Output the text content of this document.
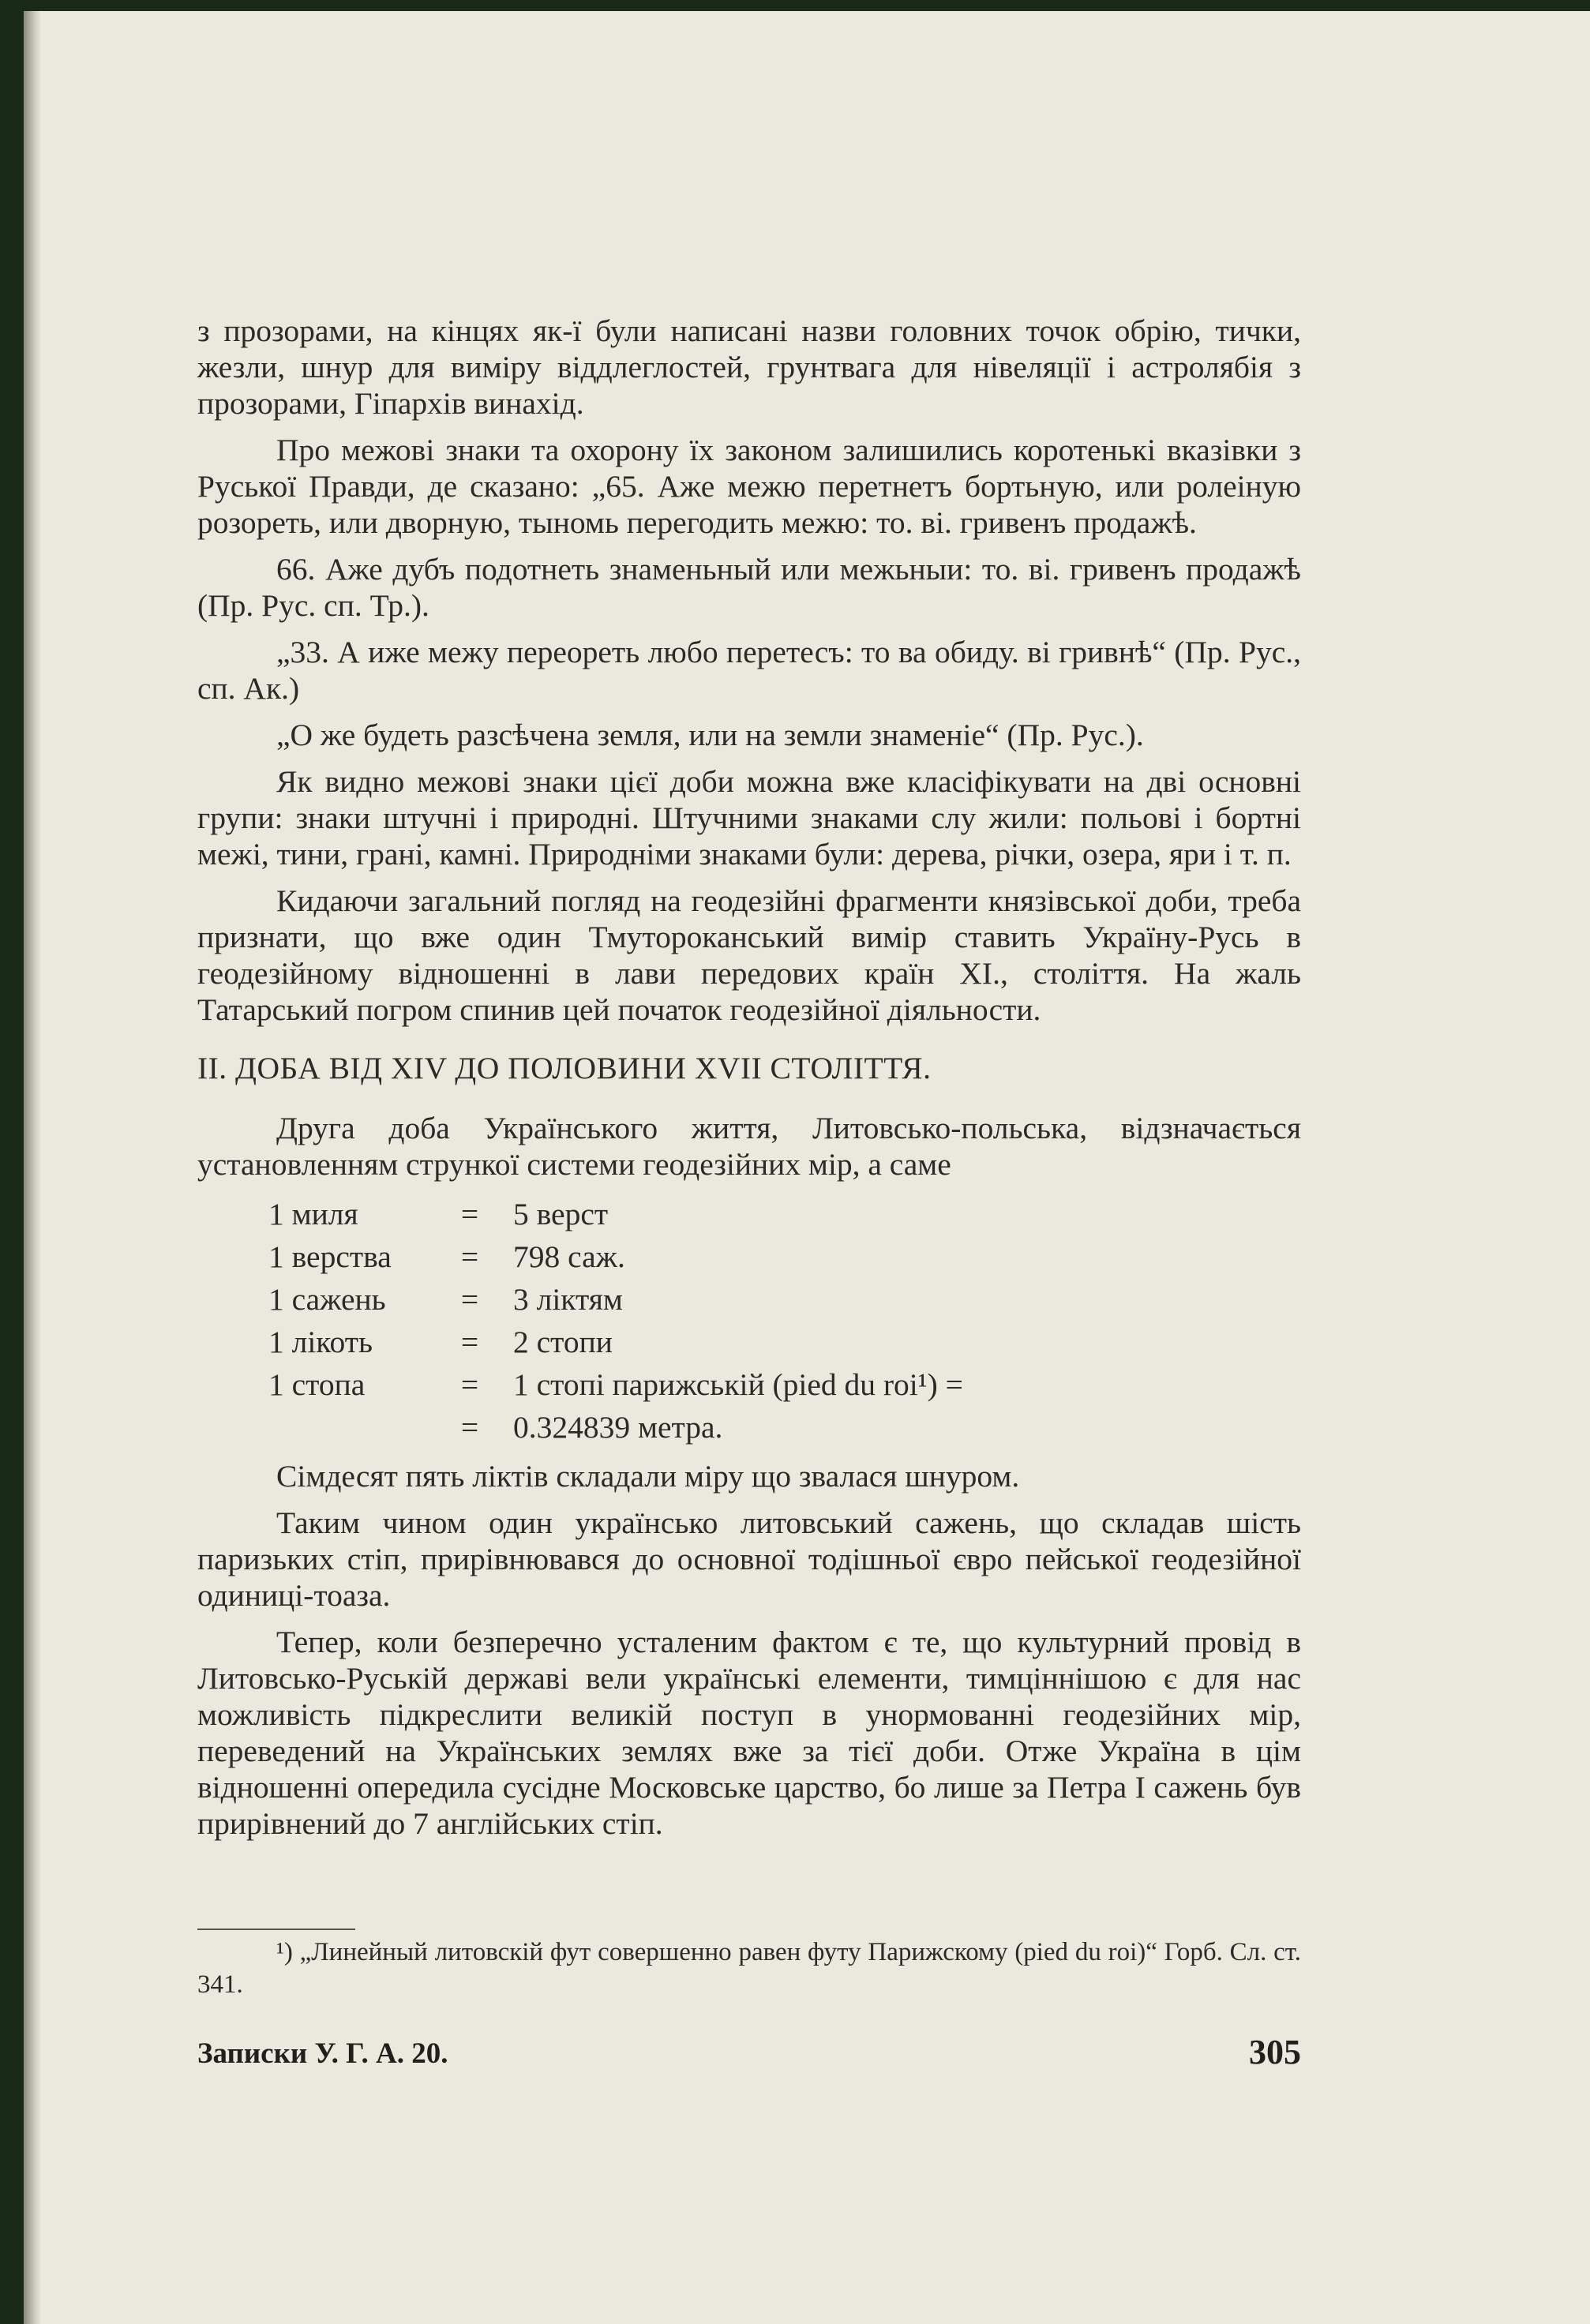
з прозорами, на кінцях як-ї були написані назви головних точок обрію, тички, жезли, шнур для виміру віддлеглостей, грунтвага для нівеляції і астролябія з прозорами, Гіпархів винахід.

Про межові знаки та охорону їх законом залишились коротенькі вказівки з Руської Правди, де сказано: „65. Аже межю перетнетъ бортьную, или ролеіную розореть, или дворную, тыномь перегодить межю: то. ві. гривенъ продажѣ.

66. Аже дубъ подотнеть знаменьный или межьныи: то. ві. гривенъ продажѣ (Пр. Рус. сп. Тр.).

„33. А иже межу переореть любо перетесъ: то ва обиду. ві гривнѣ“ (Пр. Рус., сп. Ак.)

„О же будеть разсѣчена земля, или на земли знаменіе“ (Пр. Рус.).

Як видно межові знаки цієї доби можна вже класіфікувати на дві основні групи: знаки штучні і природні. Штучними знаками слу жили: польові і бортні межі, тини, грані, камні. Природніми знаками були: дерева, річки, озера, яри і т. п.

Кидаючи загальний погляд на геодезійні фрагменти князівської доби, треба признати, що вже один Тмутороканський вимір ставить Україну-Русь в геодезійному відношенні в лави передових країн XI., століття. На жаль Татарський погром спинив цей початок геодезійної діяльности.

II. ДОБА ВІД XIV ДО ПОЛОВИНИ XVII СТОЛІТТЯ.

Друга доба Українського життя, Литовсько-польська, відзначається установленням стрункої системи геодезійних мір, а саме

1 миля	=	5 верст
1 верства	=	798 саж.
1 сажень	=	3 ліктям
1 лікоть	=	2 стопи
1 стопа	=	1 стопі парижській (pied du roi¹) =
	=	0.324839 метра.

Сімдесят пять ліктів складали міру що звалася шнуром.

Таким чином один українсько литовський сажень, що складав шість паризьких стіп, прирівнювався до основної тодішньої євро пейської геодезійної одиниці-тоаза.

Тепер, коли безперечно усталеним фактом є те, що культурний провід в Литовсько-Руській державі вели українські елементи, тимціннішою є для нас можливість підкреслити великій поступ в унормованні геодезійних мір, переведений на Українських землях вже за тієї доби. Отже Україна в цім відношенні опередила сусідне Московське царство, бо лише за Петра I сажень був прирівнений до 7 англійських стіп.

¹) „Линейный литовскій фут совершенно равен футу Парижскому (pied du roi)“ Горб. Сл. ст. 341.
Записки У. Г. А. 20.	305
